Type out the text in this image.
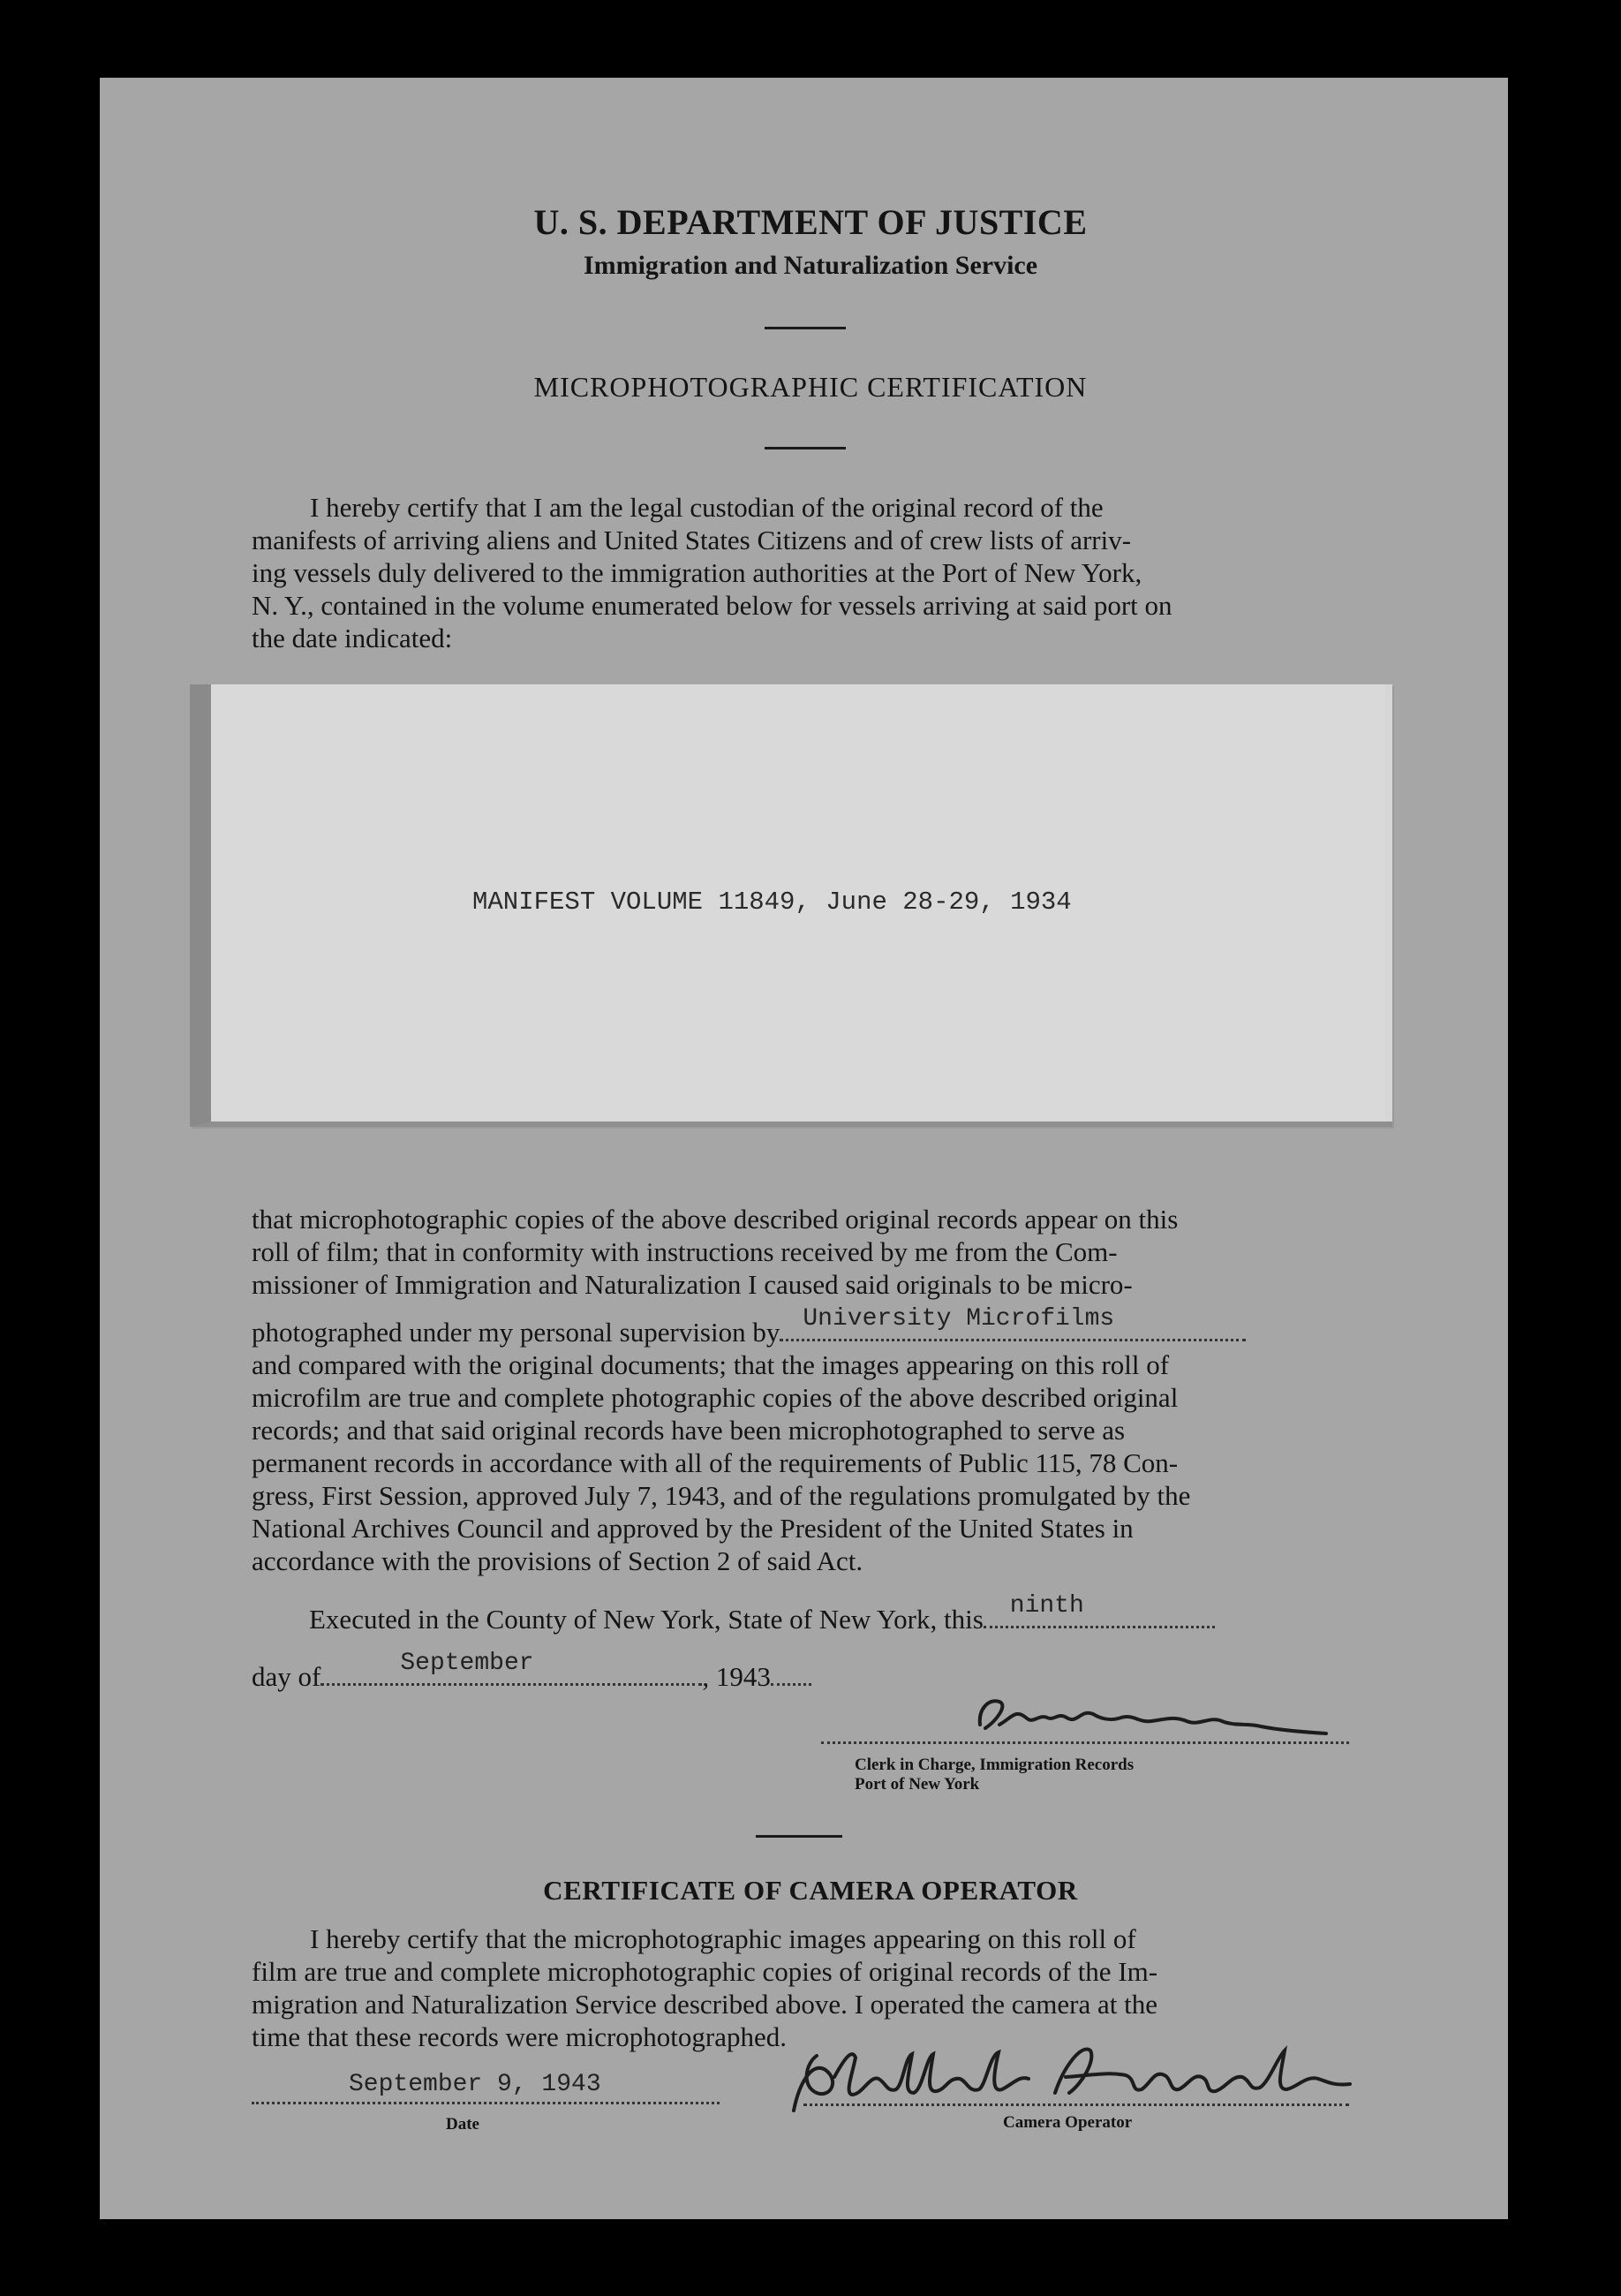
U. S. DEPARTMENT OF JUSTICE
Immigration and Naturalization Service
MICROPHOTOGRAPHIC CERTIFICATION
I hereby certify that I am the legal custodian of the original record of the
manifests of arriving aliens and United States Citizens and of crew lists of arriv-
ing vessels duly delivered to the immigration authorities at the Port of New York,
N. Y., contained in the volume enumerated below for vessels arriving at said port on
the date indicated:
MANIFEST VOLUME 11849, June 28-29, 1934
that microphotographic copies of the above described original records appear on this
roll of film; that in conformity with instructions received by me from the Com-
missioner of Immigration and Naturalization I caused said originals to be micro-
photographed under my personal supervision by University Microfilms
and compared with the original documents; that the images appearing on this roll of
microfilm are true and complete photographic copies of the above described original
records; and that said original records have been microphotographed to serve as
permanent records in accordance with all of the requirements of Public 115, 78 Con-
gress, First Session, approved July 7, 1943, and of the regulations promulgated by the
National Archives Council and approved by the President of the United States in
accordance with the provisions of Section 2 of said Act.
Executed in the County of New York, State of New York, this ninth
day of	September	, 1943
Clerk in Charge, Immigration Records
Port of New York
CERTIFICATE OF CAMERA OPERATOR
I hereby certify that the microphotographic images appearing on this roll of
film are true and complete microphotographic copies of original records of the Im-
migration and Naturalization Service described above. I operated the camera at the
time that these records were microphotographed.
September 9, 1943
Date	Camera Operator
